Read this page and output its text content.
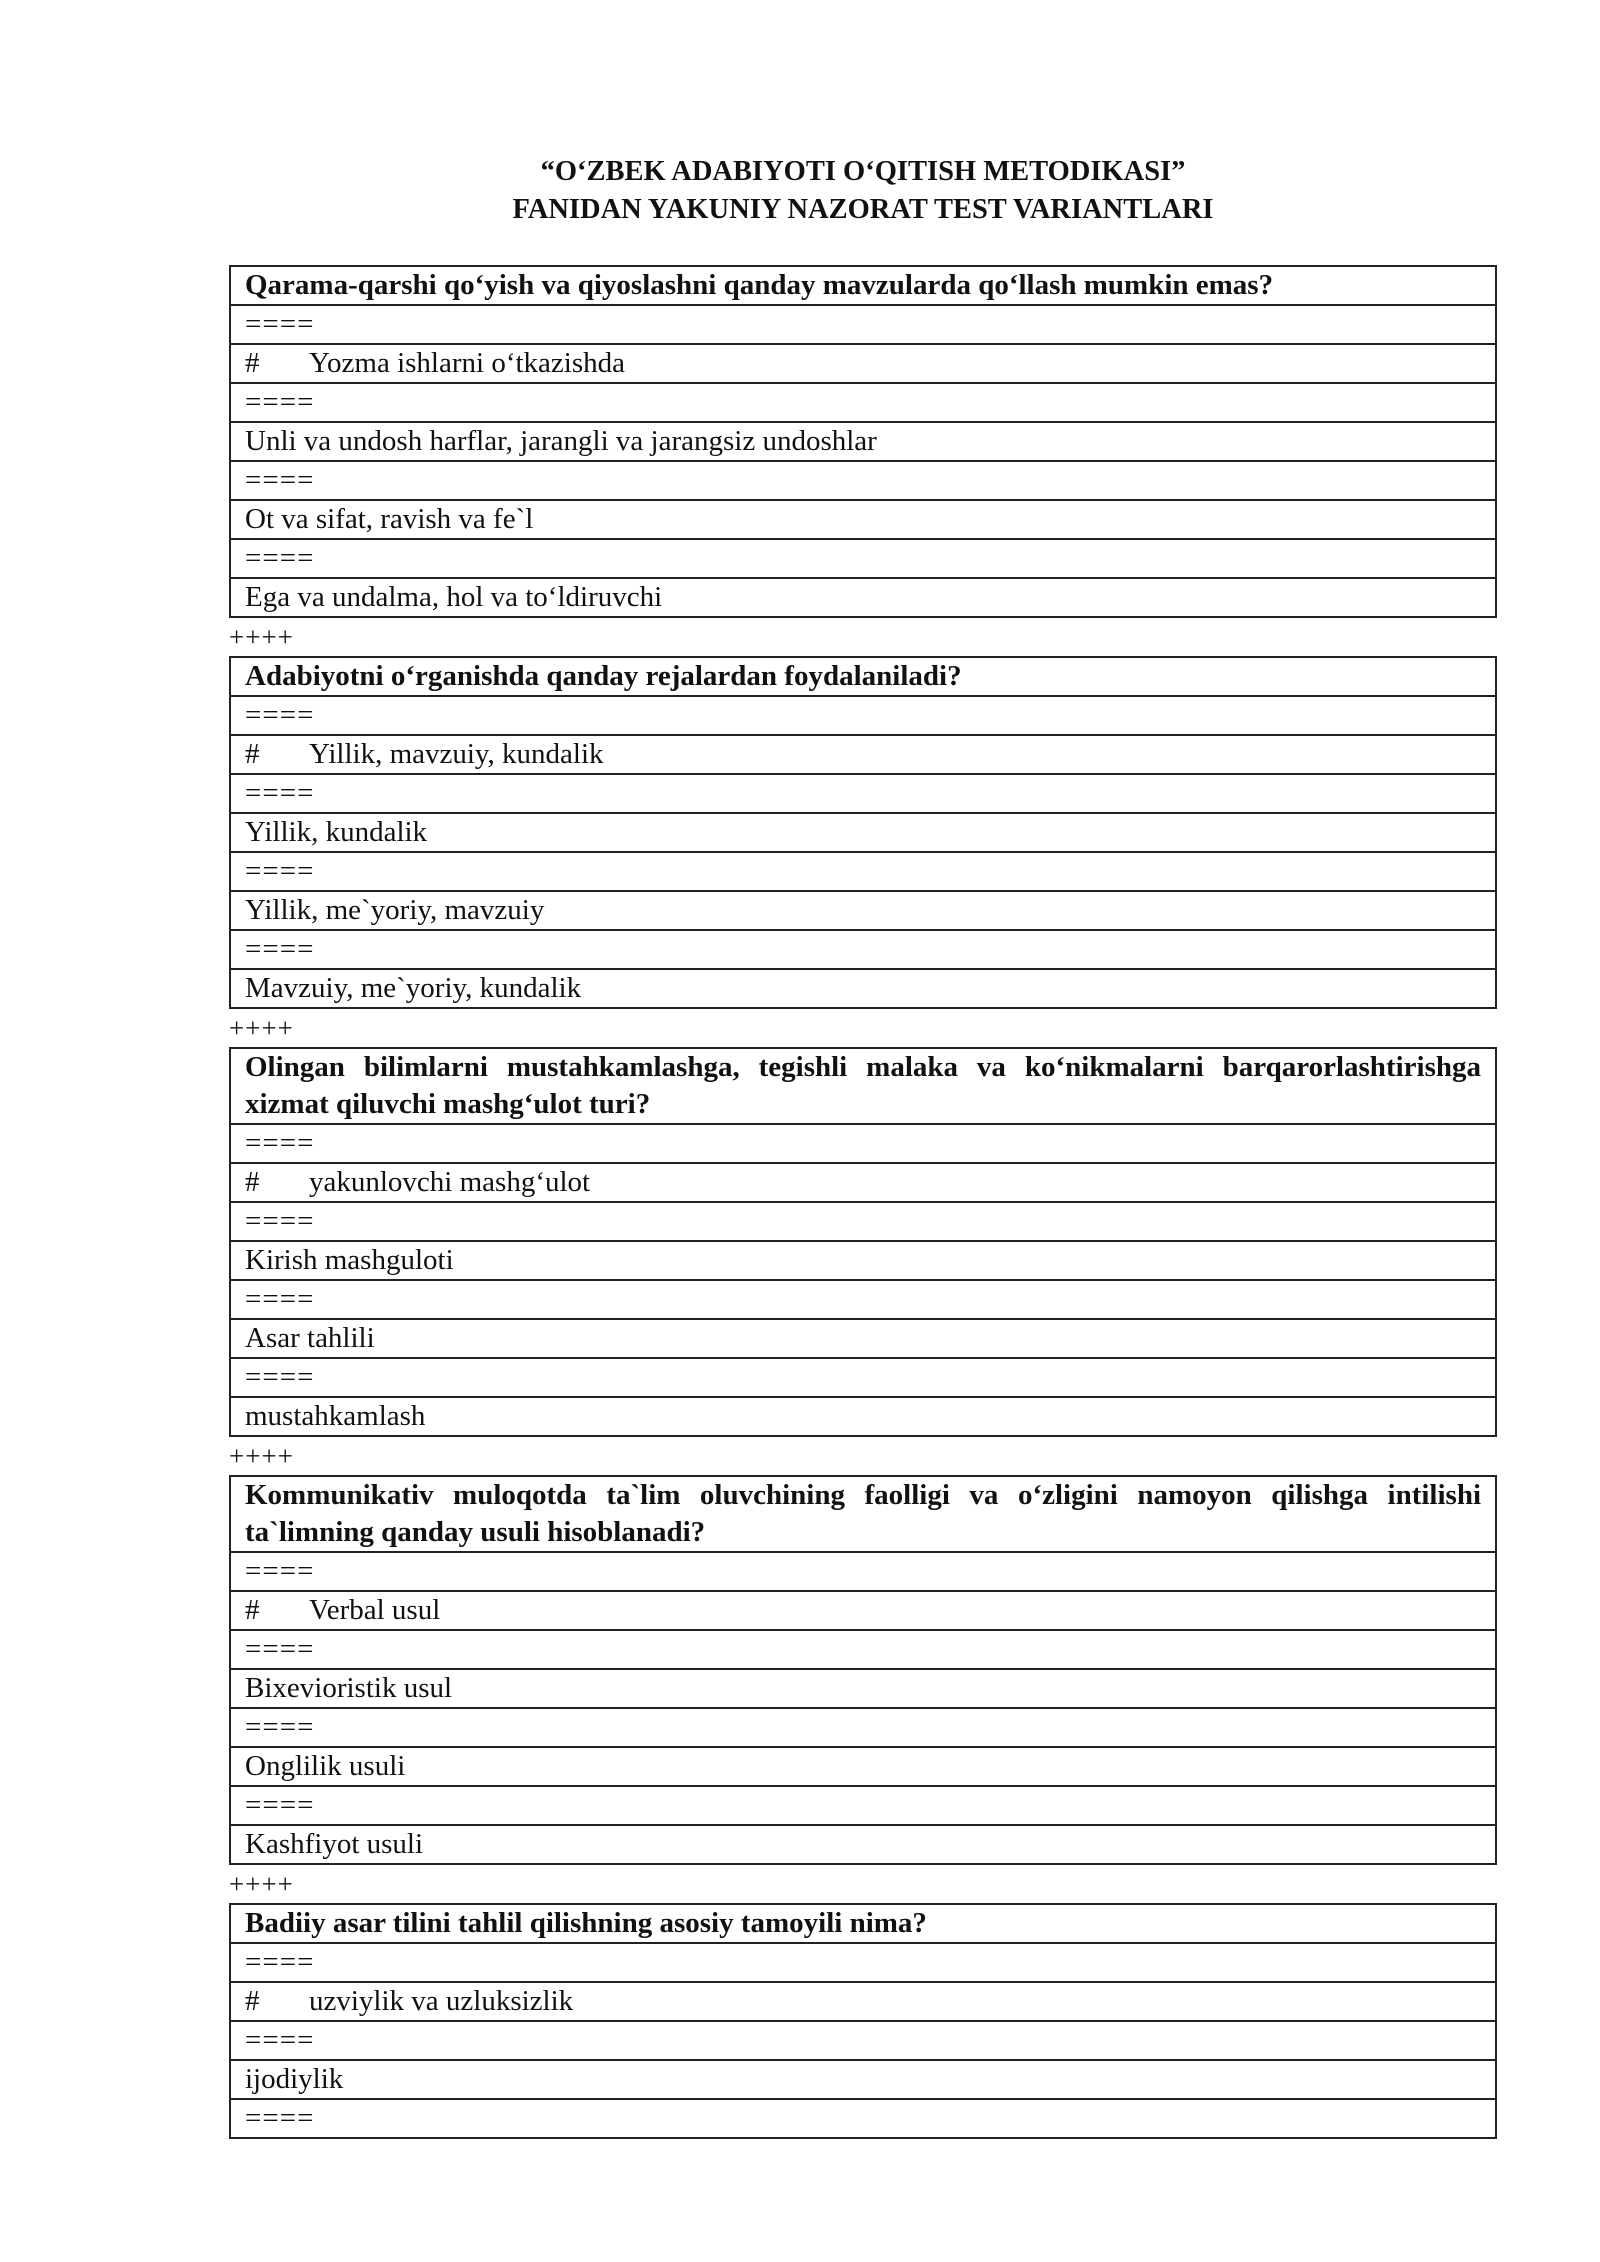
“O‘ZBEK ADABIYOTI O‘QITISH METODIKASI”
FANIDAN YAKUNIY NAZORAT TEST VARIANTLARI
Qarama-qarshi qo‘yish va qiyoslashni qanday mavzularda qo‘llash mumkin emas?
====
# Yozma ishlarni o‘tkazishda
====
Unli va undosh harflar, jarangli va jarangsiz undoshlar
====
Ot va sifat, ravish va fe`l
====
Ega va undalma, hol va to‘ldiruvchi
++++
Adabiyotni o‘rganishda qanday rejalardan foydalaniladi?
====
# Yillik, mavzuiy, kundalik
====
Yillik, kundalik
====
Yillik, me`yoriy, mavzuiy
====
Mavzuiy, me`yoriy, kundalik
++++
Olingan bilimlarni mustahkamlashga, tegishli malaka va ko‘nikmalarni barqarorlashtirishga xizmat qiluvchi mashg‘ulot turi?
====
# yakunlovchi mashg‘ulot
====
Kirish mashguloti
====
Asar tahlili
====
mustahkamlash
++++
Kommunikativ muloqotda ta`lim oluvchining faolligi va o‘zligini namoyon qilishga intilishi ta`limning qanday usuli hisoblanadi?
====
# Verbal usul
====
Bixevioristik usul
====
Onglilik usuli
====
Kashfiyot usuli
++++
Badiiy asar tilini tahlil qilishning asosiy tamoyili nima?
====
# uzviylik va uzluksizlik
====
ijodiylik
====
